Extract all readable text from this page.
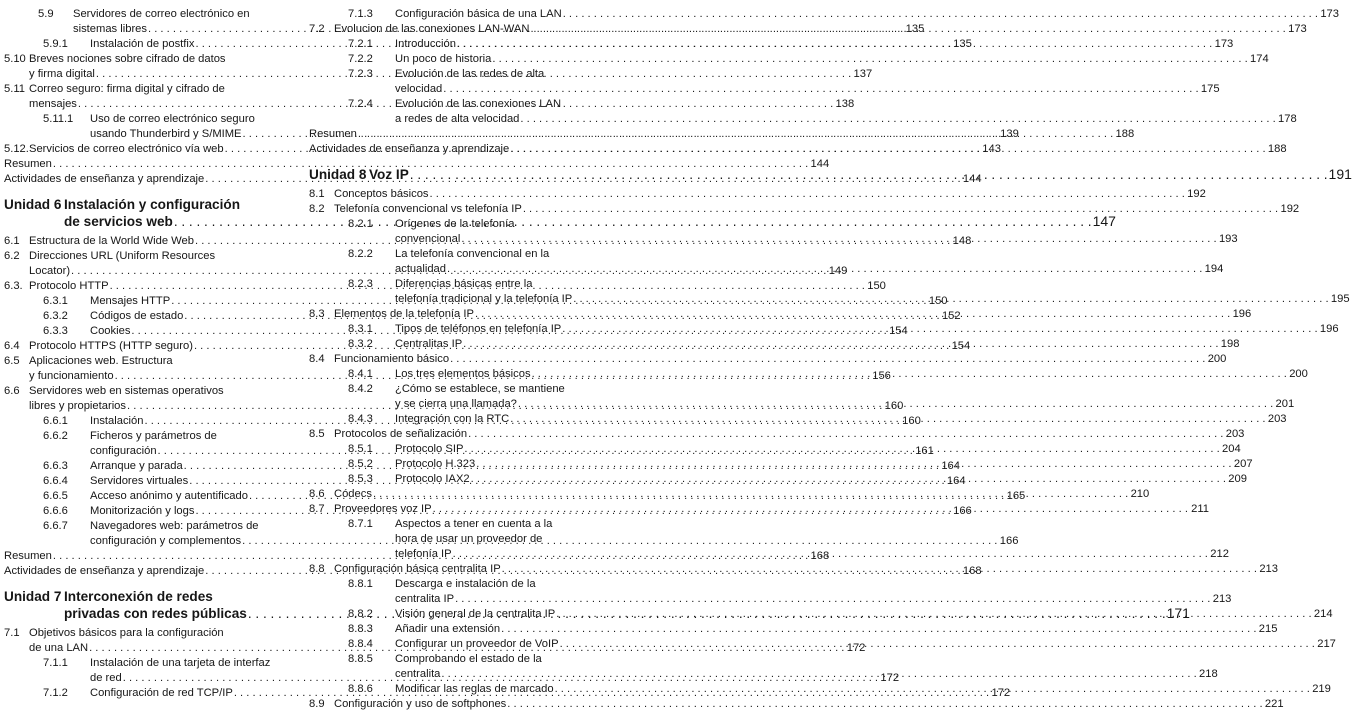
5.9	Servidores de correo electrónico en
sistemas libres . . .	135
5.9.1	Instalación de postfix . . .	135
5.10 Breves nociones sobre cifrado de datos
y firma digital . . .	137
5.11 Correo seguro: firma digital y cifrado de
mensajes . . .	138
5.11.1	Uso de correo electrónico seguro
usando Thunderbird y S/MIME . . .	139
5.12. Servicios de correo electrónico vía web . . .	143
Resumen . . .	144
Actividades de enseñanza y aprendizaje . . .	144
Unidad 6 Instalación y configuración
de servicios web . . .	147
6.1 Estructura de la World Wide Web . . .	148
6.2 Direcciones URL (Uniform Resources
Locator) . . .	149
6.3. Protocolo HTTP . . .	150
6.3.1	Mensajes HTTP . . .	150
6.3.2	Códigos de estado . . .	152
6.3.3	Cookies . . .	154
6.4 Protocolo HTTPS (HTTP seguro) . . .	154
6.5 Aplicaciones web. Estructura
y funcionamiento . . .	156
6.6 Servidores web en sistemas operativos
libres y propietarios . . .	160
6.6.1	Instalación . . .	160
6.6.2	Ficheros y parámetros de
configuración . . .	161
6.6.3	Arranque y parada . . .	164
6.6.4	Servidores virtuales . . .	164
6.6.5	Acceso anónimo y autentificado . . .	165
6.6.6	Monitorización y logs . . .	166
6.6.7	Navegadores web: parámetros de
configuración y complementos . . .	166
Resumen . . .	168
Actividades de enseñanza y aprendizaje . . .	168
Unidad 7 Interconexión de redes
privadas con redes públicas . . .	171
7.1 Objetivos básicos para la configuración
de una LAN . . .	172
7.1.1	Instalación de una tarjeta de interfaz
de red . . .	172
7.1.2	Configuración de red TCP/IP . . .	172
7.1.3	Configuración básica de una LAN . . .	173
7.2 Evolucion de las conexiones LAN-WAN . . .	173
7.2.1	Introducción . . .	173
7.2.2	Un poco de historia . . .	174
7.2.3	Evolución de las redes de alta
velocidad . . .	175
7.2.4	Evolución de las conexiones LAN
a redes de alta velocidad . . .	178
Resumen . . .	188
Actividades de enseñanza y aprendizaje . . .	188
Unidad 8 Voz IP . . .	191
8.1 Conceptos básicos . . .	192
8.2 Telefonía convencional vs telefonía IP . . .	192
8.2.1	Orígenes de la telefonía
convencional . . .	193
8.2.2	La telefonía convencional en la
actualidad . . .	194
8.2.3	Diferencias básicas entre la
telefonía tradicional y la telefonía IP . . .	195
8.3 Elementos de la telefonía IP . . .	196
8.3.1	Tipos de teléfonos en telefonía IP . . .	196
8.3.2	Centralitas IP . . .	198
8.4 Funcionamiento básico . . .	200
8.4.1	Los tres elementos básicos . . .	200
8.4.2	¿Cómo se establece, se mantiene
y se cierra una llamada? . . .	201
8.4.3	Integración con la RTC . . .	203
8.5 Protocolos de señalización . . .	203
8.5.1	Protocolo SIP . . .	204
8.5.2	Protocolo H.323 . . .	207
8.5.3	Protocolo IAX2 . . .	209
8.6 Códecs . . .	210
8.7 Proveedores voz IP . . .	211
8.7.1	Aspectos a tener en cuenta a la
hora de usar un proveedor de
telefonía IP . . .	212
8.8 Configuración básica centralita IP . . .	213
8.8.1	Descarga e instalación de la
centralita IP . . .	213
8.8.2	Visión general de la centralita IP . . .	214
8.8.3	Añadir una extensión . . .	215
8.8.4	Configurar un proveedor de VoIP . . .	217
8.8.5	Comprobando el estado de la
centralita . . .	218
8.8.6	Modificar las reglas de marcado . . .	219
8.9 Configuración y uso de softphones . . .	221
